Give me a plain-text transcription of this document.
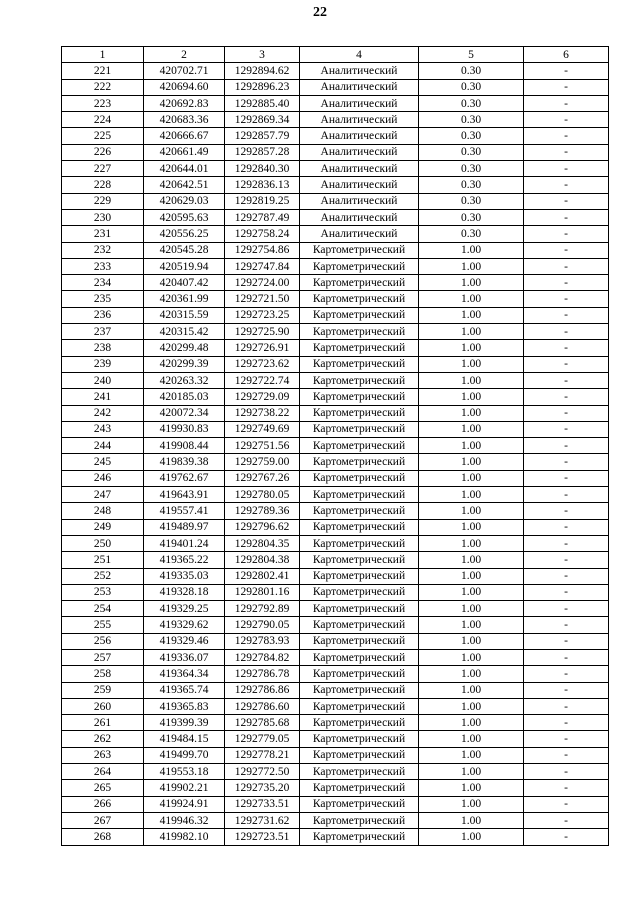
22
1	2	3	4	5	6
221	420702.71	1292894.62	Аналитический	0.30	-
222	420694.60	1292896.23	Аналитический	0.30	-
223	420692.83	1292885.40	Аналитический	0.30	-
224	420683.36	1292869.34	Аналитический	0.30	-
225	420666.67	1292857.79	Аналитический	0.30	-
226	420661.49	1292857.28	Аналитический	0.30	-
227	420644.01	1292840.30	Аналитический	0.30	-
228	420642.51	1292836.13	Аналитический	0.30	-
229	420629.03	1292819.25	Аналитический	0.30	-
230	420595.63	1292787.49	Аналитический	0.30	-
231	420556.25	1292758.24	Аналитический	0.30	-
232	420545.28	1292754.86	Картометрический	1.00	-
233	420519.94	1292747.84	Картометрический	1.00	-
234	420407.42	1292724.00	Картометрический	1.00	-
235	420361.99	1292721.50	Картометрический	1.00	-
236	420315.59	1292723.25	Картометрический	1.00	-
237	420315.42	1292725.90	Картометрический	1.00	-
238	420299.48	1292726.91	Картометрический	1.00	-
239	420299.39	1292723.62	Картометрический	1.00	-
240	420263.32	1292722.74	Картометрический	1.00	-
241	420185.03	1292729.09	Картометрический	1.00	-
242	420072.34	1292738.22	Картометрический	1.00	-
243	419930.83	1292749.69	Картометрический	1.00	-
244	419908.44	1292751.56	Картометрический	1.00	-
245	419839.38	1292759.00	Картометрический	1.00	-
246	419762.67	1292767.26	Картометрический	1.00	-
247	419643.91	1292780.05	Картометрический	1.00	-
248	419557.41	1292789.36	Картометрический	1.00	-
249	419489.97	1292796.62	Картометрический	1.00	-
250	419401.24	1292804.35	Картометрический	1.00	-
251	419365.22	1292804.38	Картометрический	1.00	-
252	419335.03	1292802.41	Картометрический	1.00	-
253	419328.18	1292801.16	Картометрический	1.00	-
254	419329.25	1292792.89	Картометрический	1.00	-
255	419329.62	1292790.05	Картометрический	1.00	-
256	419329.46	1292783.93	Картометрический	1.00	-
257	419336.07	1292784.82	Картометрический	1.00	-
258	419364.34	1292786.78	Картометрический	1.00	-
259	419365.74	1292786.86	Картометрический	1.00	-
260	419365.83	1292786.60	Картометрический	1.00	-
261	419399.39	1292785.68	Картометрический	1.00	-
262	419484.15	1292779.05	Картометрический	1.00	-
263	419499.70	1292778.21	Картометрический	1.00	-
264	419553.18	1292772.50	Картометрический	1.00	-
265	419902.21	1292735.20	Картометрический	1.00	-
266	419924.91	1292733.51	Картометрический	1.00	-
267	419946.32	1292731.62	Картометрический	1.00	-
268	419982.10	1292723.51	Картометрический	1.00	-
